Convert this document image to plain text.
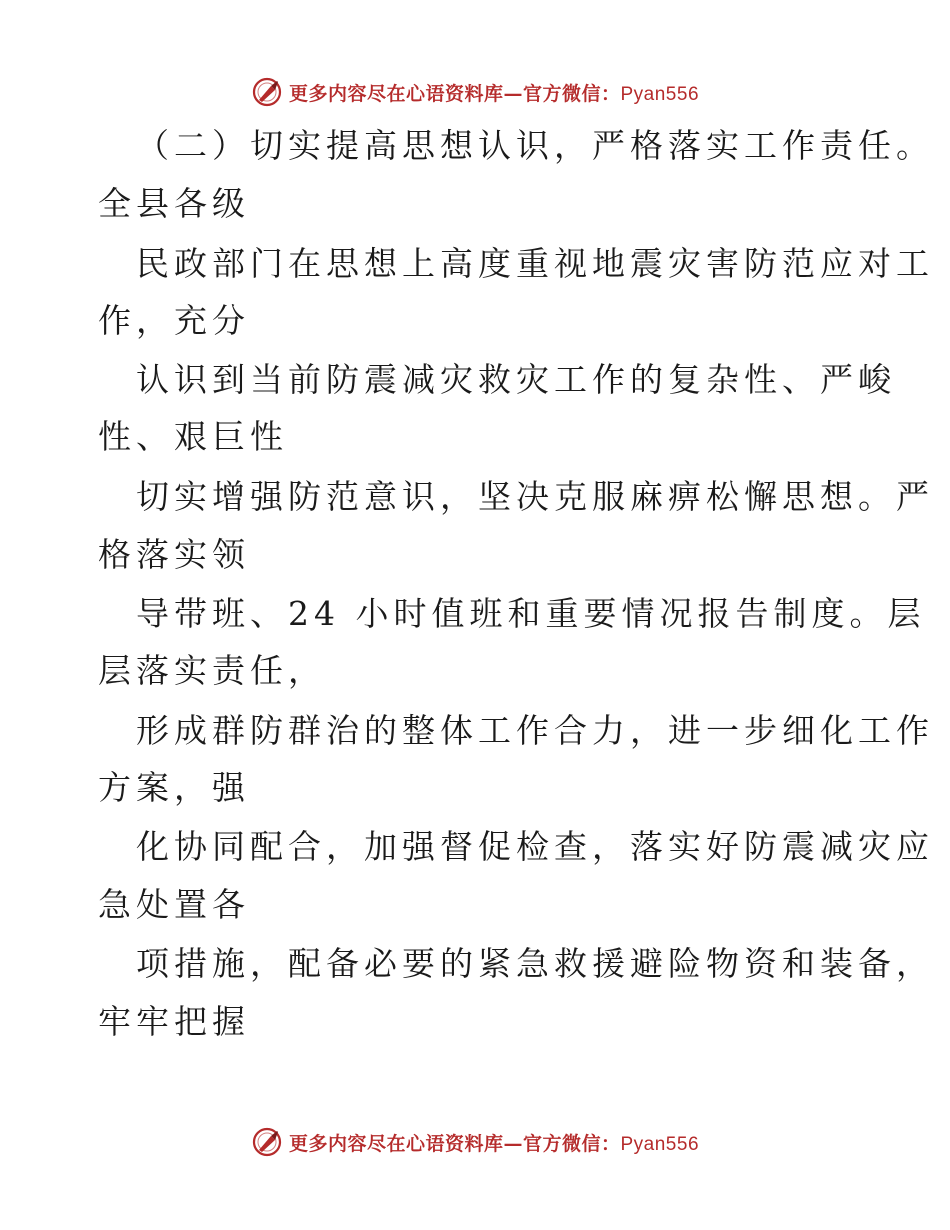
更多内容尽在心语资料库—官方微信：Pyan556
（二）切实提高思想认识，严格落实工作责任。
全县各级
民政部门在思想上高度重视地震灾害防范应对工
作，充分
认识到当前防震减灾救灾工作的复杂性、严峻
性、艰巨性
切实增强防范意识，坚决克服麻痹松懈思想。严
格落实领
导带班、24 小时值班和重要情况报告制度。层
层落实责任，
形成群防群治的整体工作合力，进一步细化工作
方案，强
化协同配合，加强督促检查，落实好防震减灾应
急处置各
项措施，配备必要的紧急救援避险物资和装备，
牢牢把握
更多内容尽在心语资料库—官方微信：Pyan556
